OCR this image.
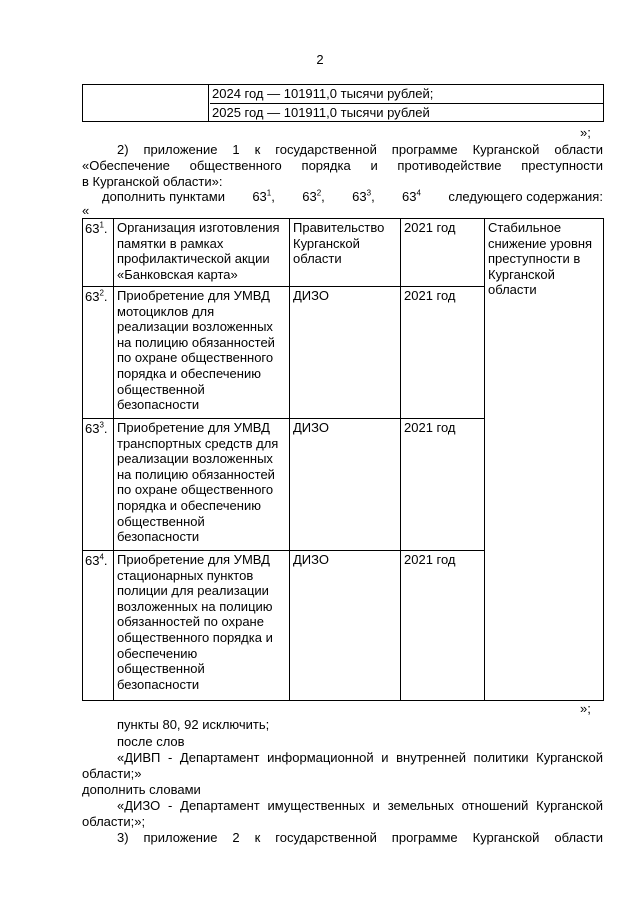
2
2024 год — 101911,0 тысячи рублей;
2025 год — 101911,0 тысячи рублей
»;
2) приложение 1 к государственной программе Курганской области
«Обеспечение общественного порядка и противодействие преступности
в Курганской области»:
дополнить пунктами $63^1$, $63^2$, $63^3$, $63^4$ следующего содержания:
«
$63^1$.	Организация изготовления памятки в рамках профилактической акции «Банковская карта»	Правительство Курганской области	2021 год	Стабильное снижение уровня преступности в Курганской области
$63^2$.	Приобретение для УМВД мотоциклов для реализации возложенных на полицию обязанностей по охране общественного порядка и обеспечению общественной безопасности	ДИЗО	2021 год	
$63^3$.	Приобретение для УМВД транспортных средств для реализации возложенных на полицию обязанностей по охране общественного порядка и обеспечению общественной безопасности	ДИЗО	2021 год	
$63^4$.	Приобретение для УМВД стационарных пунктов полиции для реализации возложенных на полицию обязанностей по охране общественного порядка и обеспечению общественной безопасности	ДИЗО	2021 год	
»;
пункты 80, 92 исключить;
после слов
«ДИВП - Департамент информационной и внутренней политики Курганской
области;»
дополнить словами
«ДИЗО - Департамент имущественных и земельных отношений Курганской
области;»;
3) приложение 2 к государственной программе Курганской области
